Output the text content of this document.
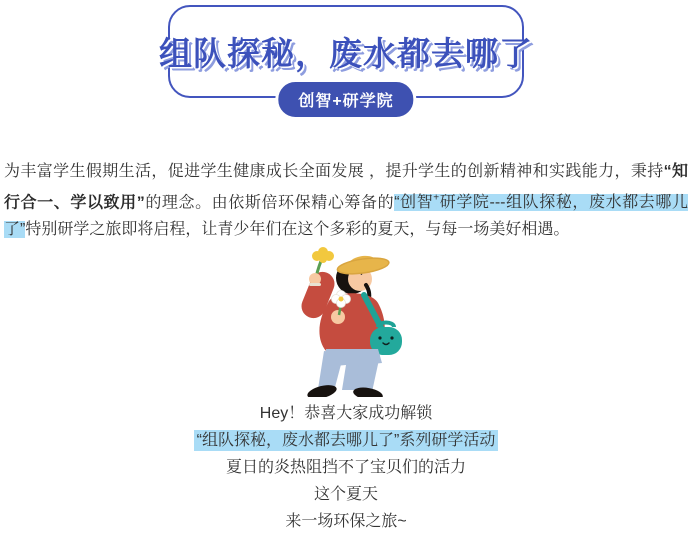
组队探秘，废水都去哪了
创智+研学院
为丰富学生假期生活，促进学生健康成长全面发展 ，提升学生的创新精神和实践能力，秉持“知行合一、学以致用”的理念。由依斯倍环保精心筹备的“创智+研学院---组队探秘，废水都去哪儿了”特别研学之旅即将启程，让青少年们在这个多彩的夏天，与每一场美好相遇。
Hey！恭喜大家成功解锁
“组队探秘，废水都去哪儿了”系列研学活动
夏日的炎热阻挡不了宝贝们的活力
这个夏天
来一场环保之旅~
